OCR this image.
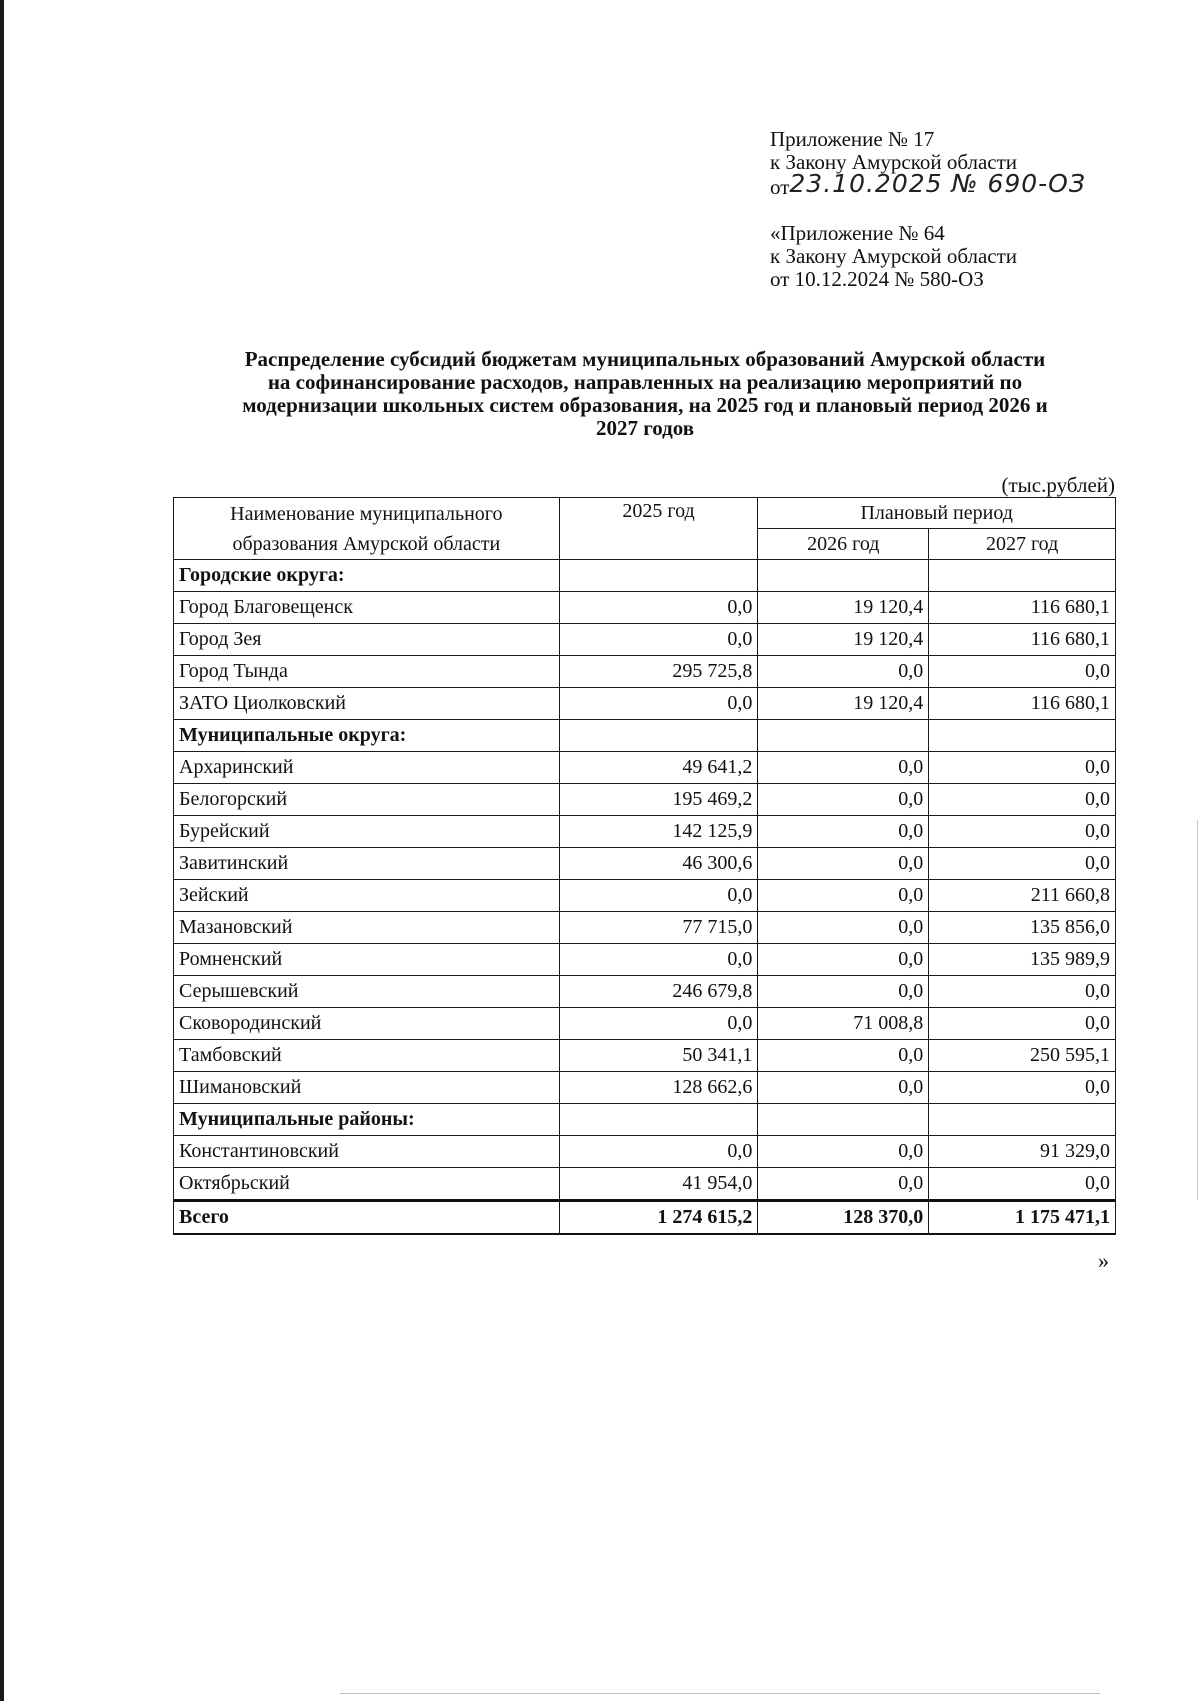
Приложение № 17
к Закону Амурской области
от23.10.2025 № 690-ОЗ
«Приложение № 64
к Закону Амурской области
от 10.12.2024 № 580-ОЗ
Распределение субсидий бюджетам муниципальных образований Амурской области
на софинансирование расходов, направленных на реализацию мероприятий по
модернизации школьных систем образования, на 2025 год и плановый период 2026 и
2027 годов
(тыс.рублей)
Наименование муниципального
образования Амурской области	2025 год	Плановый период	
		2026 год	2027 год
Городские округа:			
Город Благовещенск	0,0	19 120,4	116 680,1
Город Зея	0,0	19 120,4	116 680,1
Город Тында	295 725,8	0,0	0,0
ЗАТО Циолковский	0,0	19 120,4	116 680,1
Муниципальные округа:			
Архаринский	49 641,2	0,0	0,0
Белогорский	195 469,2	0,0	0,0
Бурейский	142 125,9	0,0	0,0
Завитинский	46 300,6	0,0	0,0
Зейский	0,0	0,0	211 660,8
Мазановский	77 715,0	0,0	135 856,0
Ромненский	0,0	0,0	135 989,9
Серышевский	246 679,8	0,0	0,0
Сковородинский	0,0	71 008,8	0,0
Тамбовский	50 341,1	0,0	250 595,1
Шимановский	128 662,6	0,0	0,0
Муниципальные районы:			
Константиновский	0,0	0,0	91 329,0
Октябрьский	41 954,0	0,0	0,0
Всего	1 274 615,2	128 370,0	1 175 471,1
»
